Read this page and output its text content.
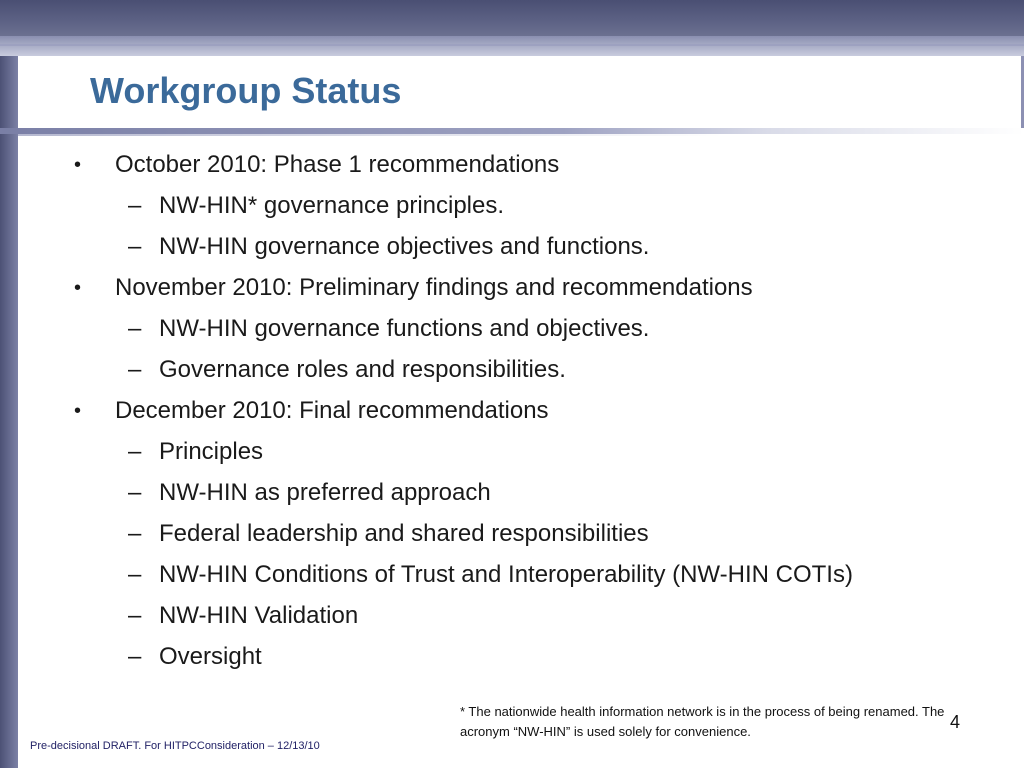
Workgroup Status
• October 2010: Phase 1 recommendations
– NW-HIN* governance principles.
– NW-HIN governance objectives and functions.
• November 2010: Preliminary findings and recommendations
– NW-HIN governance functions and objectives.
– Governance roles and responsibilities.
• December 2010: Final recommendations
– Principles
– NW-HIN as preferred approach
– Federal leadership and shared responsibilities
– NW-HIN Conditions of Trust and Interoperability (NW-HIN COTIs)
– NW-HIN Validation
– Oversight
* The nationwide health information network is in the process of being renamed. The acronym “NW-HIN” is used solely for convenience.	4
Pre-decisional DRAFT. For HITPCConsideration – 12/13/10
